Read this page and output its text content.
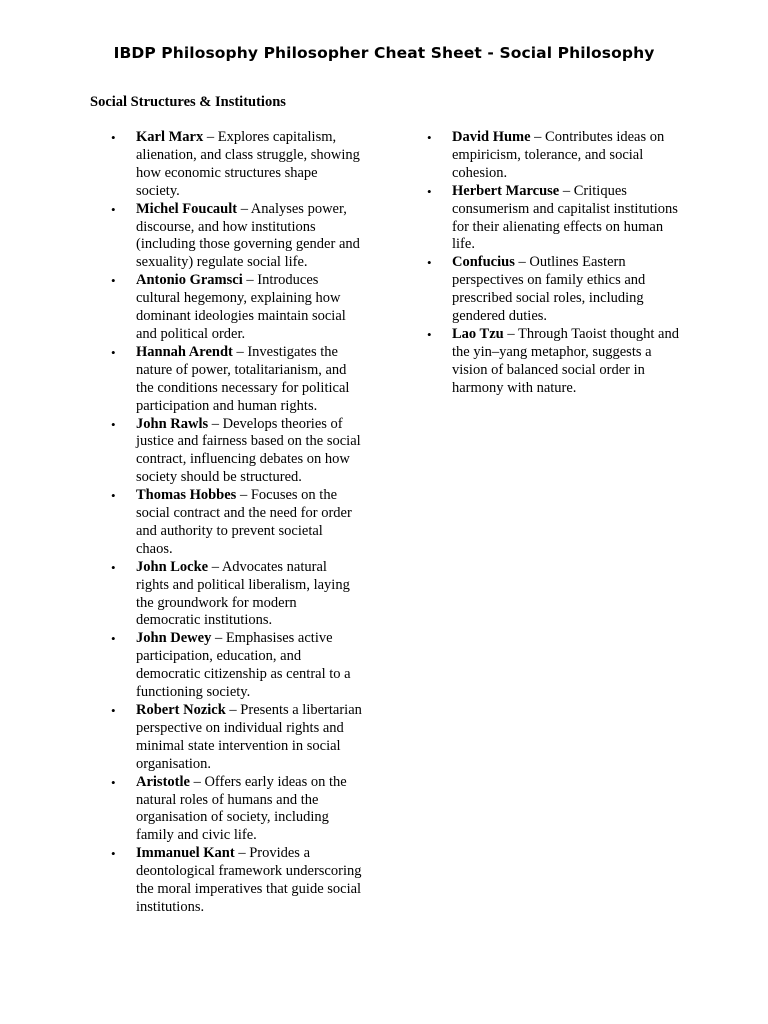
IBDP Philosophy Philosopher Cheat Sheet - Social Philosophy
Social Structures & Institutions
• Karl Marx – Explores capitalism, alienation, and class struggle, showing how economic structures shape society.
• Michel Foucault – Analyses power, discourse, and how institutions (including those governing gender and sexuality) regulate social life.
• Antonio Gramsci – Introduces cultural hegemony, explaining how dominant ideologies maintain social and political order.
• Hannah Arendt – Investigates the nature of power, totalitarianism, and the conditions necessary for political participation and human rights.
• John Rawls – Develops theories of justice and fairness based on the social contract, influencing debates on how society should be structured.
• Thomas Hobbes – Focuses on the social contract and the need for order and authority to prevent societal chaos.
• John Locke – Advocates natural rights and political liberalism, laying the groundwork for modern democratic institutions.
• John Dewey – Emphasises active participation, education, and democratic citizenship as central to a functioning society.
• Robert Nozick – Presents a libertarian perspective on individual rights and minimal state intervention in social organisation.
• Aristotle – Offers early ideas on the natural roles of humans and the organisation of society, including family and civic life.
• Immanuel Kant – Provides a deontological framework underscoring the moral imperatives that guide social institutions.
• David Hume – Contributes ideas on empiricism, tolerance, and social cohesion.
• Herbert Marcuse – Critiques consumerism and capitalist institutions for their alienating effects on human life.
• Confucius – Outlines Eastern perspectives on family ethics and prescribed social roles, including gendered duties.
• Lao Tzu – Through Taoist thought and the yin–yang metaphor, suggests a vision of balanced social order in harmony with nature.
